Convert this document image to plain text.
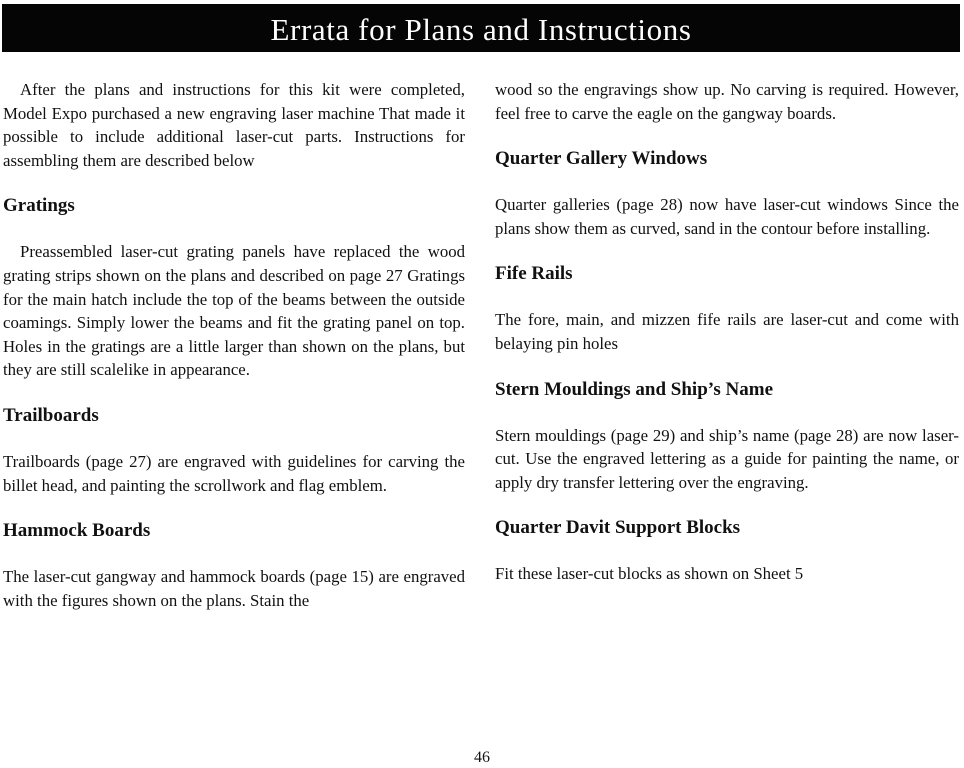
Errata for Plans and Instructions

After the plans and instructions for this kit were completed, Model Expo purchased a new engraving laser machine That made it possible to include additional laser-cut parts. Instructions for assembling them are described below

Gratings

Preassembled laser-cut grating panels have replaced the wood grating strips shown on the plans and described on page 27 Gratings for the main hatch include the top of the beams between the outside coamings. Simply lower the beams and fit the grating panel on top. Holes in the gratings are a little larger than shown on the plans, but they are still scalelike in appearance.

Trailboards

Trailboards (page 27) are engraved with guidelines for carving the billet head, and painting the scrollwork and flag emblem.

Hammock Boards

The laser-cut gangway and hammock boards (page 15) are engraved with the figures shown on the plans. Stain the

wood so the engravings show up. No carving is required. However, feel free to carve the eagle on the gangway boards.

Quarter Gallery Windows

Quarter galleries (page 28) now have laser-cut windows Since the plans show them as curved, sand in the contour before installing.

Fife Rails

The fore, main, and mizzen fife rails are laser-cut and come with belaying pin holes

Stern Mouldings and Ship’s Name

Stern mouldings (page 29) and ship’s name (page 28) are now laser-cut. Use the engraved lettering as a guide for painting the name, or apply dry transfer lettering over the engraving.

Quarter Davit Support Blocks

Fit these laser-cut blocks as shown on Sheet 5

46
